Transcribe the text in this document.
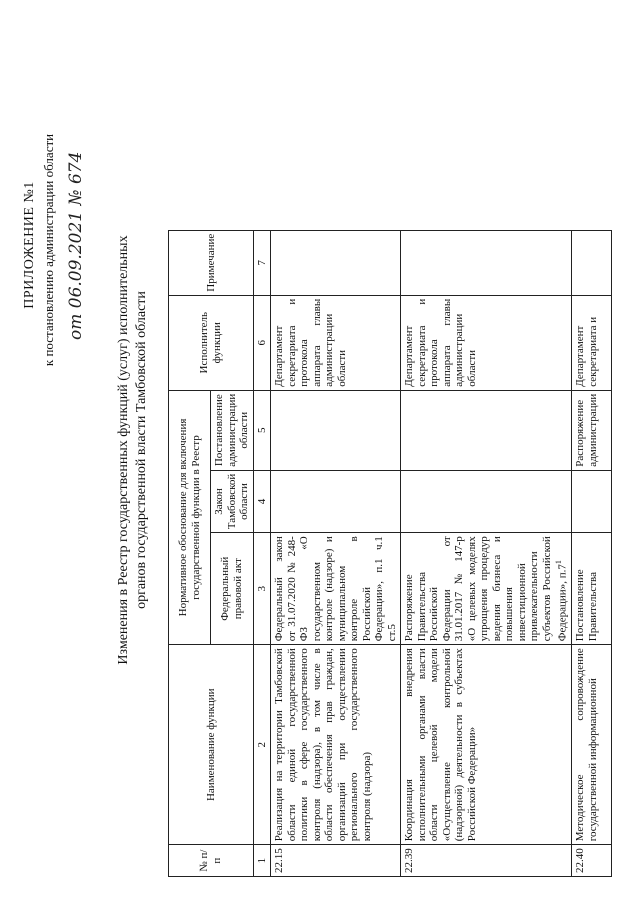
ПРИЛОЖЕНИЕ №1 к постановлению администрации области от 06.09.2021 № 674 Изменения в Реестр государственных функций (услуг) исполнительных органов государственной власти Тамбовской области
№ п/п	Наименование функции	Нормативное обоснование для включения государственной функции в Реестр			Исполнитель функции	Примечание
		Федеральный правовой акт	Закон Тамбовской области	Постановление администрации области		
1	2	3	4	5	6	7
22.15	Реализация на территории Тамбовской области единой государственной политики в сфере государственного контроля (надзора), в том числе в области обеспечения прав граждан, организаций при осуществлении регионального государственного контроля (надзора)	Федеральный закон от 31.07.2020 № 248-ФЗ «О государственном контроле (надзоре) и муниципальном контроле в Российской Федерации», п.1 ч.1 ст.5			Департамент секретариата и протокола аппарата главы администрации области	
22.39	Координация внедрения исполнительными органами власти области целевой модели «Осуществление контрольной (надзорной) деятельности в субъектах Российской Федерации»	Распоряжение Правительства Российской Федерации от 31.01.2017 № 147-р «О целевых моделях упрощения процедур ведения бизнеса и повышения инвестиционной привлекательности субъектов Российской Федерации», п.7$^1$			Департамент секретариата и протокола аппарата главы администрации области	
22.40	Методическое сопровождение государственной информационной	Постановление Правительства		Распоряжение администрации	Департамент секретариата и	
